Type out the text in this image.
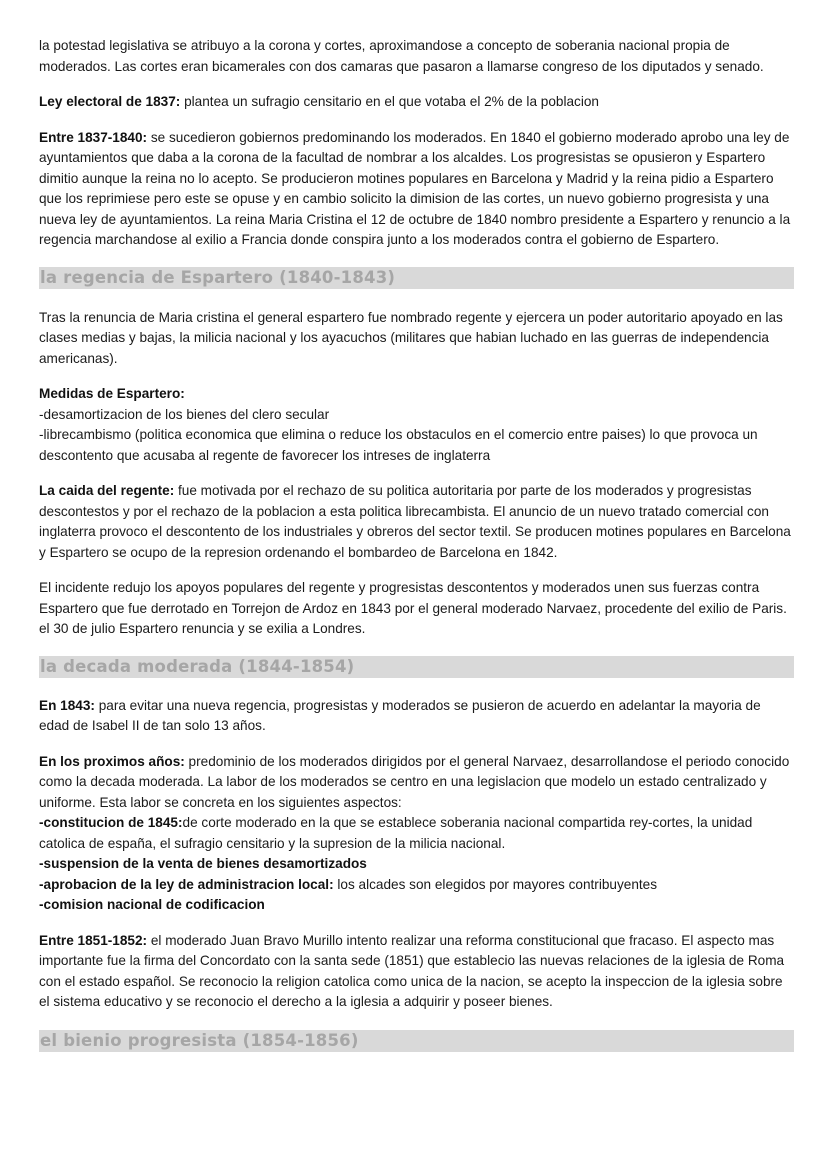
la potestad legislativa se atribuyo a la corona y cortes, aproximandose a concepto de soberania nacional propia de moderados. Las cortes eran bicamerales con dos camaras que pasaron a llamarse congreso de los diputados y senado.

Ley electoral de 1837: plantea un sufragio censitario en el que votaba el 2% de la poblacion

Entre 1837-1840: se sucedieron gobiernos predominando los moderados. En 1840 el gobierno moderado aprobo una ley de ayuntamientos que daba a la corona de la facultad de nombrar a los alcaldes. Los progresistas se opusieron y Espartero dimitio aunque la reina no lo acepto. Se producieron motines populares en Barcelona y Madrid y la reina pidio a Espartero que los reprimiese pero este se opuse y en cambio solicito la dimision de las cortes, un nuevo gobierno progresista y una nueva ley de ayuntamientos. La reina Maria Cristina el 12 de octubre de 1840 nombro presidente a Espartero y renuncio a la regencia marchandose al exilio a Francia donde conspira junto a los moderados contra el gobierno de Espartero.

la regencia de Espartero (1840-1843)

Tras la renuncia de Maria cristina el general espartero fue nombrado regente y ejercera un poder autoritario apoyado en las clases medias y bajas, la milicia nacional y los ayacuchos (militares que habian luchado en las guerras de independencia americanas).

Medidas de Espartero:
-desamortizacion de los bienes del clero secular
-librecambismo (politica economica que elimina o reduce los obstaculos en el comercio entre paises) lo que provoca un descontento que acusaba al regente de favorecer los intreses de inglaterra

La caida del regente: fue motivada por el rechazo de su politica autoritaria por parte de los moderados y progresistas descontestos y por el rechazo de la poblacion a esta politica librecambista. El anuncio de un nuevo tratado comercial con inglaterra provoco el descontento de los industriales y obreros del sector textil. Se producen motines populares en Barcelona y Espartero se ocupo de la represion ordenando el bombardeo de Barcelona en 1842.

El incidente redujo los apoyos populares del regente y progresistas descontentos y moderados unen sus fuerzas contra Espartero que fue derrotado en Torrejon de Ardoz en 1843 por el general moderado Narvaez, procedente del exilio de Paris. el 30 de julio Espartero renuncia y se exilia a Londres.

la decada moderada (1844-1854)

En 1843: para evitar una nueva regencia, progresistas y moderados se pusieron de acuerdo en adelantar la mayoria de edad de Isabel II de tan solo 13 años.

En los proximos años: predominio de los moderados dirigidos por el general Narvaez, desarrollandose el periodo conocido como la decada moderada. La labor de los moderados se centro en una legislacion que modelo un estado centralizado y uniforme. Esta labor se concreta en los siguientes aspectos:
-constitucion de 1845:de corte moderado en la que se establece soberania nacional compartida rey-cortes, la unidad catolica de españa, el sufragio censitario y la supresion de la milicia nacional.
-suspension de la venta de bienes desamortizados
-aprobacion de la ley de administracion local: los alcades son elegidos por mayores contribuyentes
-comision nacional de codificacion

Entre 1851-1852: el moderado Juan Bravo Murillo intento realizar una reforma constitucional que fracaso. El aspecto mas importante fue la firma del Concordato con la santa sede (1851) que establecio las nuevas relaciones de la iglesia de Roma con el estado español. Se reconocio la religion catolica como unica de la nacion, se acepto la inspeccion de la iglesia sobre el sistema educativo y se reconocio el derecho a la iglesia a adquirir y poseer bienes.

el bienio progresista (1854-1856)
